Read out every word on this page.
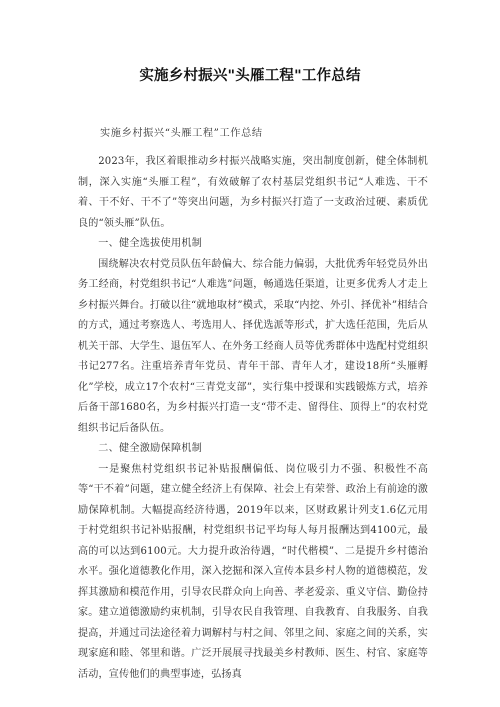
实施乡村振兴"头雁工程"工作总结
实施乡村振兴“头雁工程”工作总结

2023年，我区着眼推动乡村振兴战略实施，突出制度创新，健全体制机制，深入实施“头雁工程”，有效破解了农村基层党组织书记“人难选、干不着、干不好、干不了”等突出问题，为乡村振兴打造了一支政治过硬、素质优良的“领头雁”队伍。

一、健全选拔使用机制

围绕解决农村党员队伍年龄偏大、综合能力偏弱，大批优秀年轻党员外出务工经商，村党组织书记“人难选”问题，畅通选任渠道，让更多优秀人才走上乡村振兴舞台。打破以往“就地取材”模式，采取“内挖、外引、择优补”相结合的方式，通过考察选人、考选用人、择优选派等形式，扩大选任范围，先后从机关干部、大学生、退伍军人、在外务工经商人员等优秀群体中选配村党组织书记277名。注重培养青年党员、青年干部、青年人才，建设18所“头雁孵化”学校，成立17个农村“三青党支部”，实行集中授课和实践锻炼方式，培养后备干部1680名，为乡村振兴打造一支“带不走、留得住、顶得上”的农村党组织书记后备队伍。

二、健全激励保障机制

一是聚焦村党组织书记补贴报酬偏低、岗位吸引力不强、积极性不高等“干不着”问题，建立健全经济上有保障、社会上有荣誉、政治上有前途的激励保障机制。大幅提高经济待遇，2019年以来，区财政累计列支1.6亿元用于村党组织书记补贴报酬，村党组织书记平均每人每月报酬达到4100元，最高的可以达到6100元。大力提升政治待遇，“时代楷模”、二是提升乡村德治水平。强化道德教化作用，深入挖掘和深入宣传本县乡村人物的道德模范，发挥其激励和模范作用，引导农民群众向上向善、孝老爱亲、重义守信、勤俭持家。建立道德激励约束机制，引导农民自我管理、自我教育、自我服务、自我提高，并通过司法途径着力调解村与村之间、邻里之间、家庭之间的关系，实现家庭和睦、邻里和谐。广泛开展展寻找最美乡村教师、医生、村官、家庭等活动，宣传他们的典型事迹，弘扬真
